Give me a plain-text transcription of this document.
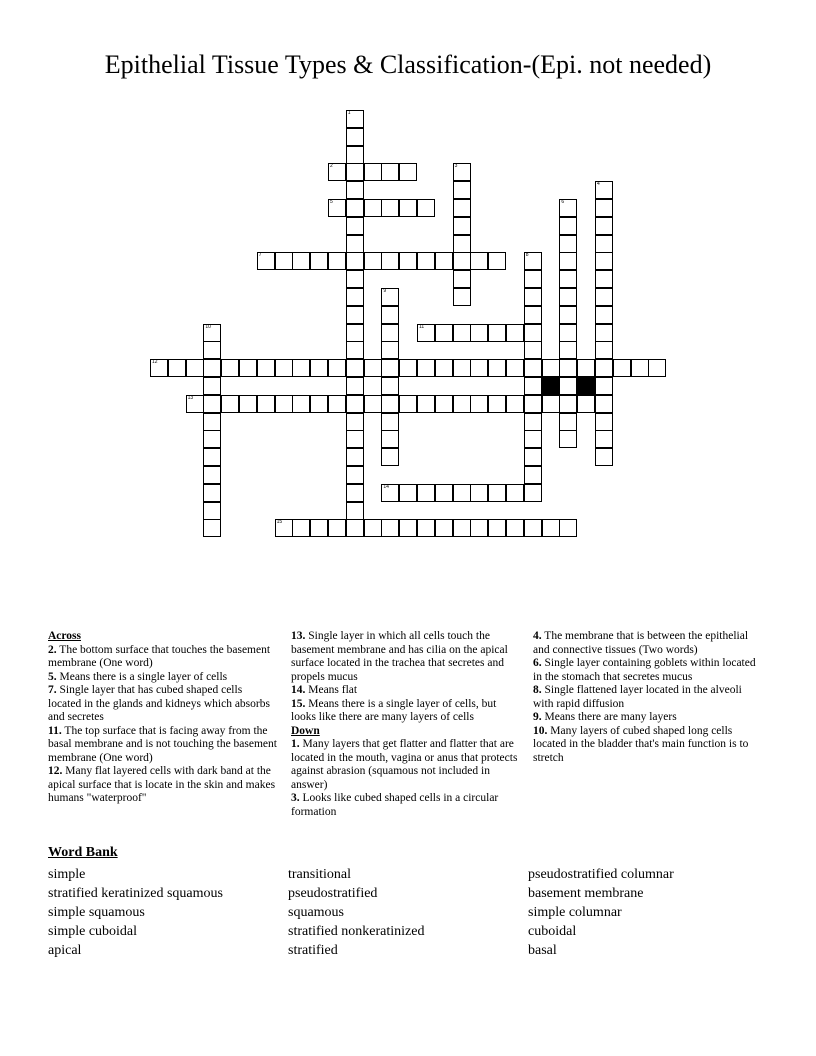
Epithelial Tissue Types & Classification-(Epi. not needed)
1
2	3
4
5	6
7	8
9
10	11
12
13
14
15

Across

2. The bottom surface that touches the basement membrane (One word)

5. Means there is a single layer of cells

7. Single layer that has cubed shaped cells located in the glands and kidneys which absorbs and secretes

11. The top surface that is facing away from the basal membrane and is not touching the basement membrane (One word)

12. Many flat layered cells with dark band at the apical surface that is locate in the skin and makes humans "waterproof"

13. Single layer in which all cells touch the basement membrane and has cilia on the apical surface located in the trachea that secretes and propels mucus

14. Means flat

15. Means there is a single layer of cells, but looks like there are many layers of cells

Down

1. Many layers that get flatter and flatter that are located in the mouth, vagina or anus that protects against abrasion (squamous not included in answer)

3. Looks like cubed shaped cells in a circular formation

4. The membrane that is between the epithelial and connective tissues (Two words)

6. Single layer containing goblets within located in the stomach that secretes mucus

8. Single flattened layer located in the alveoli with rapid diffusion

9. Means there are many layers

10. Many layers of cubed shaped long cells located in the bladder that's main function is to stretch

Word Bank
simple
stratified keratinized squamous
simple squamous
simple cuboidal
apical
transitional
pseudostratified
squamous
stratified nonkeratinized
stratified
pseudostratified columnar
basement membrane
simple columnar
cuboidal
basal
